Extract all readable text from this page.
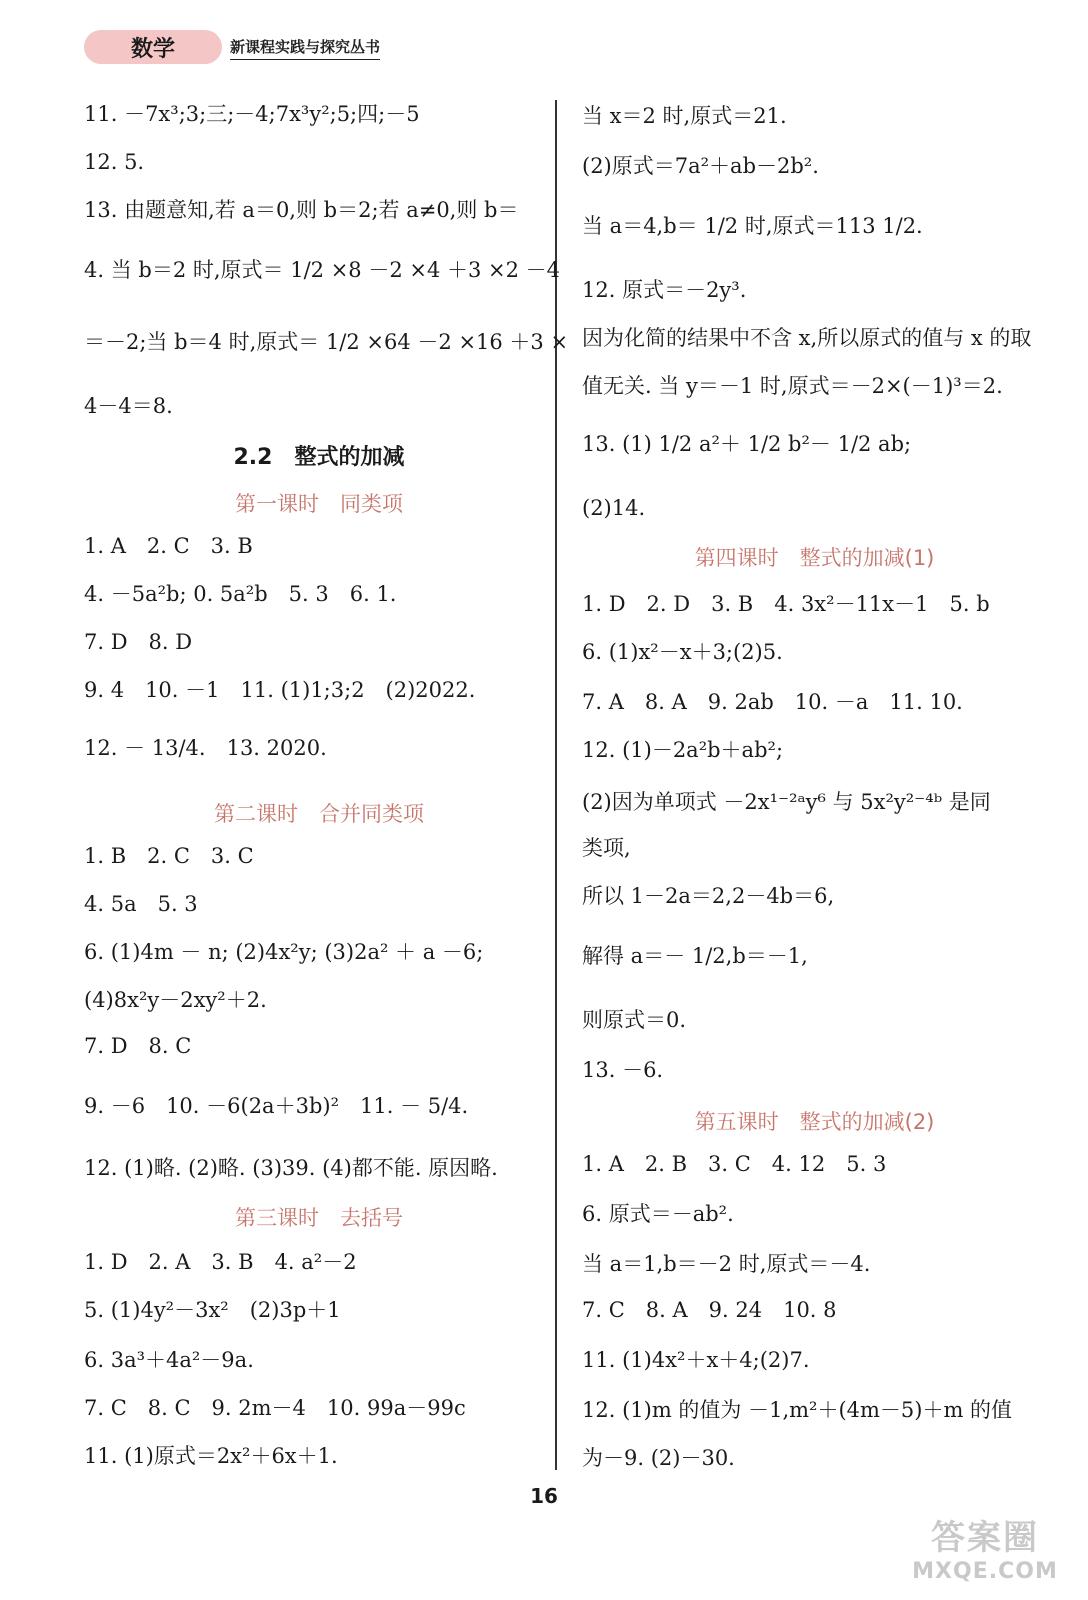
数学	新课程实践与探究丛书
11. －7x³;3;三;－4;7x³y²;5;四;－5
12. 5.
13. 由题意知,若 a＝0,则 b＝2;若 a≠0,则 b＝
4. 当 b＝2 时,原式＝ 1/2 ×8 －2 ×4 ＋3 ×2 －4
＝－2;当 b＝4 时,原式＝ 1/2 ×64 －2 ×16 ＋3 ×
4－4＝8.
2.2　整式的加减
第一课时　同类项
1. A　2. C　3. B
4. －5a²b; 0. 5a²b　5. 3　6. 1.
7. D　8. D
9. 4　10. －1　11. (1)1;3;2　(2)2022.
12. － 13/4.　13. 2020.
第二课时　合并同类项
1. B　2. C　3. C
4. 5a　5. 3
6. (1)4m － n; (2)4x²y; (3)2a² ＋ a －6;
(4)8x²y－2xy²＋2.
7. D　8. C
9. －6　10. －6(2a＋3b)²　11. － 5/4.
12. (1)略. (2)略. (3)39. (4)都不能. 原因略.
第三课时　去括号
1. D　2. A　3. B　4. a²－2
5. (1)4y²－3x²　(2)3p＋1
6. 3a³＋4a²－9a.
7. C　8. C　9. 2m－4　10. 99a－99c
11. (1)原式＝2x²＋6x＋1.
当 x＝2 时,原式＝21.
(2)原式＝7a²＋ab－2b².
当 a＝4,b＝ 1/2 时,原式＝113 1/2.
12. 原式＝－2y³.
因为化简的结果中不含 x,所以原式的值与 x 的取
值无关. 当 y＝－1 时,原式＝－2×(－1)³＝2.
13. (1) 1/2 a²＋ 1/2 b²－ 1/2 ab;
(2)14.
第四课时　整式的加减(1)
1. D　2. D　3. B　4. 3x²－11x－1　5. b
6. (1)x²－x＋3;(2)5.
7. A　8. A　9. 2ab　10. －a　11. 10.
12. (1)－2a²b＋ab²;
(2)因为单项式 －2x¹⁻²ᵃy⁶ 与 5x²y²⁻⁴ᵇ 是同
类项,
所以 1－2a＝2,2－4b＝6,
解得 a＝－ 1/2,b＝－1,
则原式＝0.
13. －6.
第五课时　整式的加减(2)
1. A　2. B　3. C　4. 12　5. 3
6. 原式＝－ab².
当 a＝1,b＝－2 时,原式＝－4.
7. C　8. A　9. 24　10. 8
11. (1)4x²＋x＋4;(2)7.
12. (1)m 的值为 －1,m²＋(4m－5)＋m 的值
为－9. (2)－30.
16
答案圈
MXQE.COM
